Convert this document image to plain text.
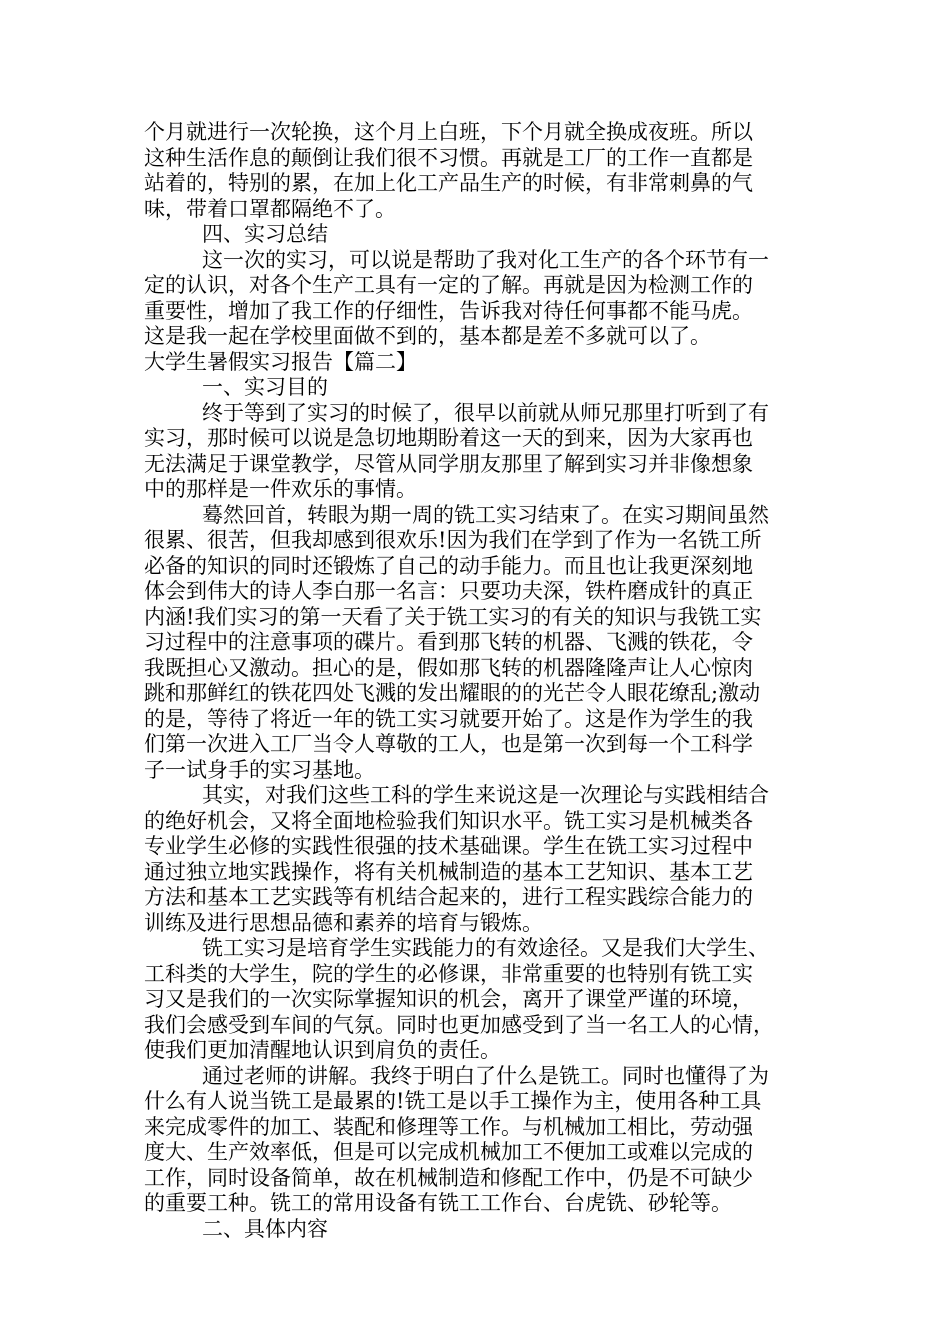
个月就进行一次轮换，这个月上白班，下个月就全换成夜班。所以
这种生活作息的颠倒让我们很不习惯。再就是工厂的工作一直都是
站着的，特别的累，在加上化工产品生产的时候，有非常刺鼻的气
味，带着口罩都隔绝不了。
四、实习总结
这一次的实习，可以说是帮助了我对化工生产的各个环节有一
定的认识，对各个生产工具有一定的了解。再就是因为检测工作的
重要性，增加了我工作的仔细性，告诉我对待任何事都不能马虎。
这是我一起在学校里面做不到的，基本都是差不多就可以了。
大学生暑假实习报告【篇二】
一、实习目的
终于等到了实习的时候了，很早以前就从师兄那里打听到了有
实习，那时候可以说是急切地期盼着这一天的到来，因为大家再也
无法满足于课堂教学，尽管从同学朋友那里了解到实习并非像想象
中的那样是一件欢乐的事情。
蓦然回首，转眼为期一周的铣工实习结束了。在实习期间虽然
很累、很苦，但我却感到很欢乐!因为我们在学到了作为一名铣工所
必备的知识的同时还锻炼了自己的动手能力。而且也让我更深刻地
体会到伟大的诗人李白那一名言：只要功夫深，铁杵磨成针的真正
内涵!我们实习的第一天看了关于铣工实习的有关的知识与我铣工实
习过程中的注意事项的碟片。看到那飞转的机器、飞溅的铁花，令
我既担心又激动。担心的是，假如那飞转的机器隆隆声让人心惊肉
跳和那鲜红的铁花四处飞溅的发出耀眼的的光芒令人眼花缭乱;激动
的是，等待了将近一年的铣工实习就要开始了。这是作为学生的我
们第一次进入工厂当令人尊敬的工人，也是第一次到每一个工科学
子一试身手的实习基地。
其实，对我们这些工科的学生来说这是一次理论与实践相结合
的绝好机会，又将全面地检验我们知识水平。铣工实习是机械类各
专业学生必修的实践性很强的技术基础课。学生在铣工实习过程中
通过独立地实践操作，将有关机械制造的基本工艺知识、基本工艺
方法和基本工艺实践等有机结合起来的，进行工程实践综合能力的
训练及进行思想品德和素养的培育与锻炼。
铣工实习是培育学生实践能力的有效途径。又是我们大学生、
工科类的大学生，院的学生的必修课，非常重要的也特别有铣工实
习又是我们的一次实际掌握知识的机会，离开了课堂严谨的环境，
我们会感受到车间的气氛。同时也更加感受到了当一名工人的心情，
使我们更加清醒地认识到肩负的责任。
通过老师的讲解。我终于明白了什么是铣工。同时也懂得了为
什么有人说当铣工是最累的!铣工是以手工操作为主，使用各种工具
来完成零件的加工、装配和修理等工作。与机械加工相比，劳动强
度大、生产效率低，但是可以完成机械加工不便加工或难以完成的
工作，同时设备简单，故在机械制造和修配工作中，仍是不可缺少
的重要工种。铣工的常用设备有铣工工作台、台虎铣、砂轮等。
二、具体内容
